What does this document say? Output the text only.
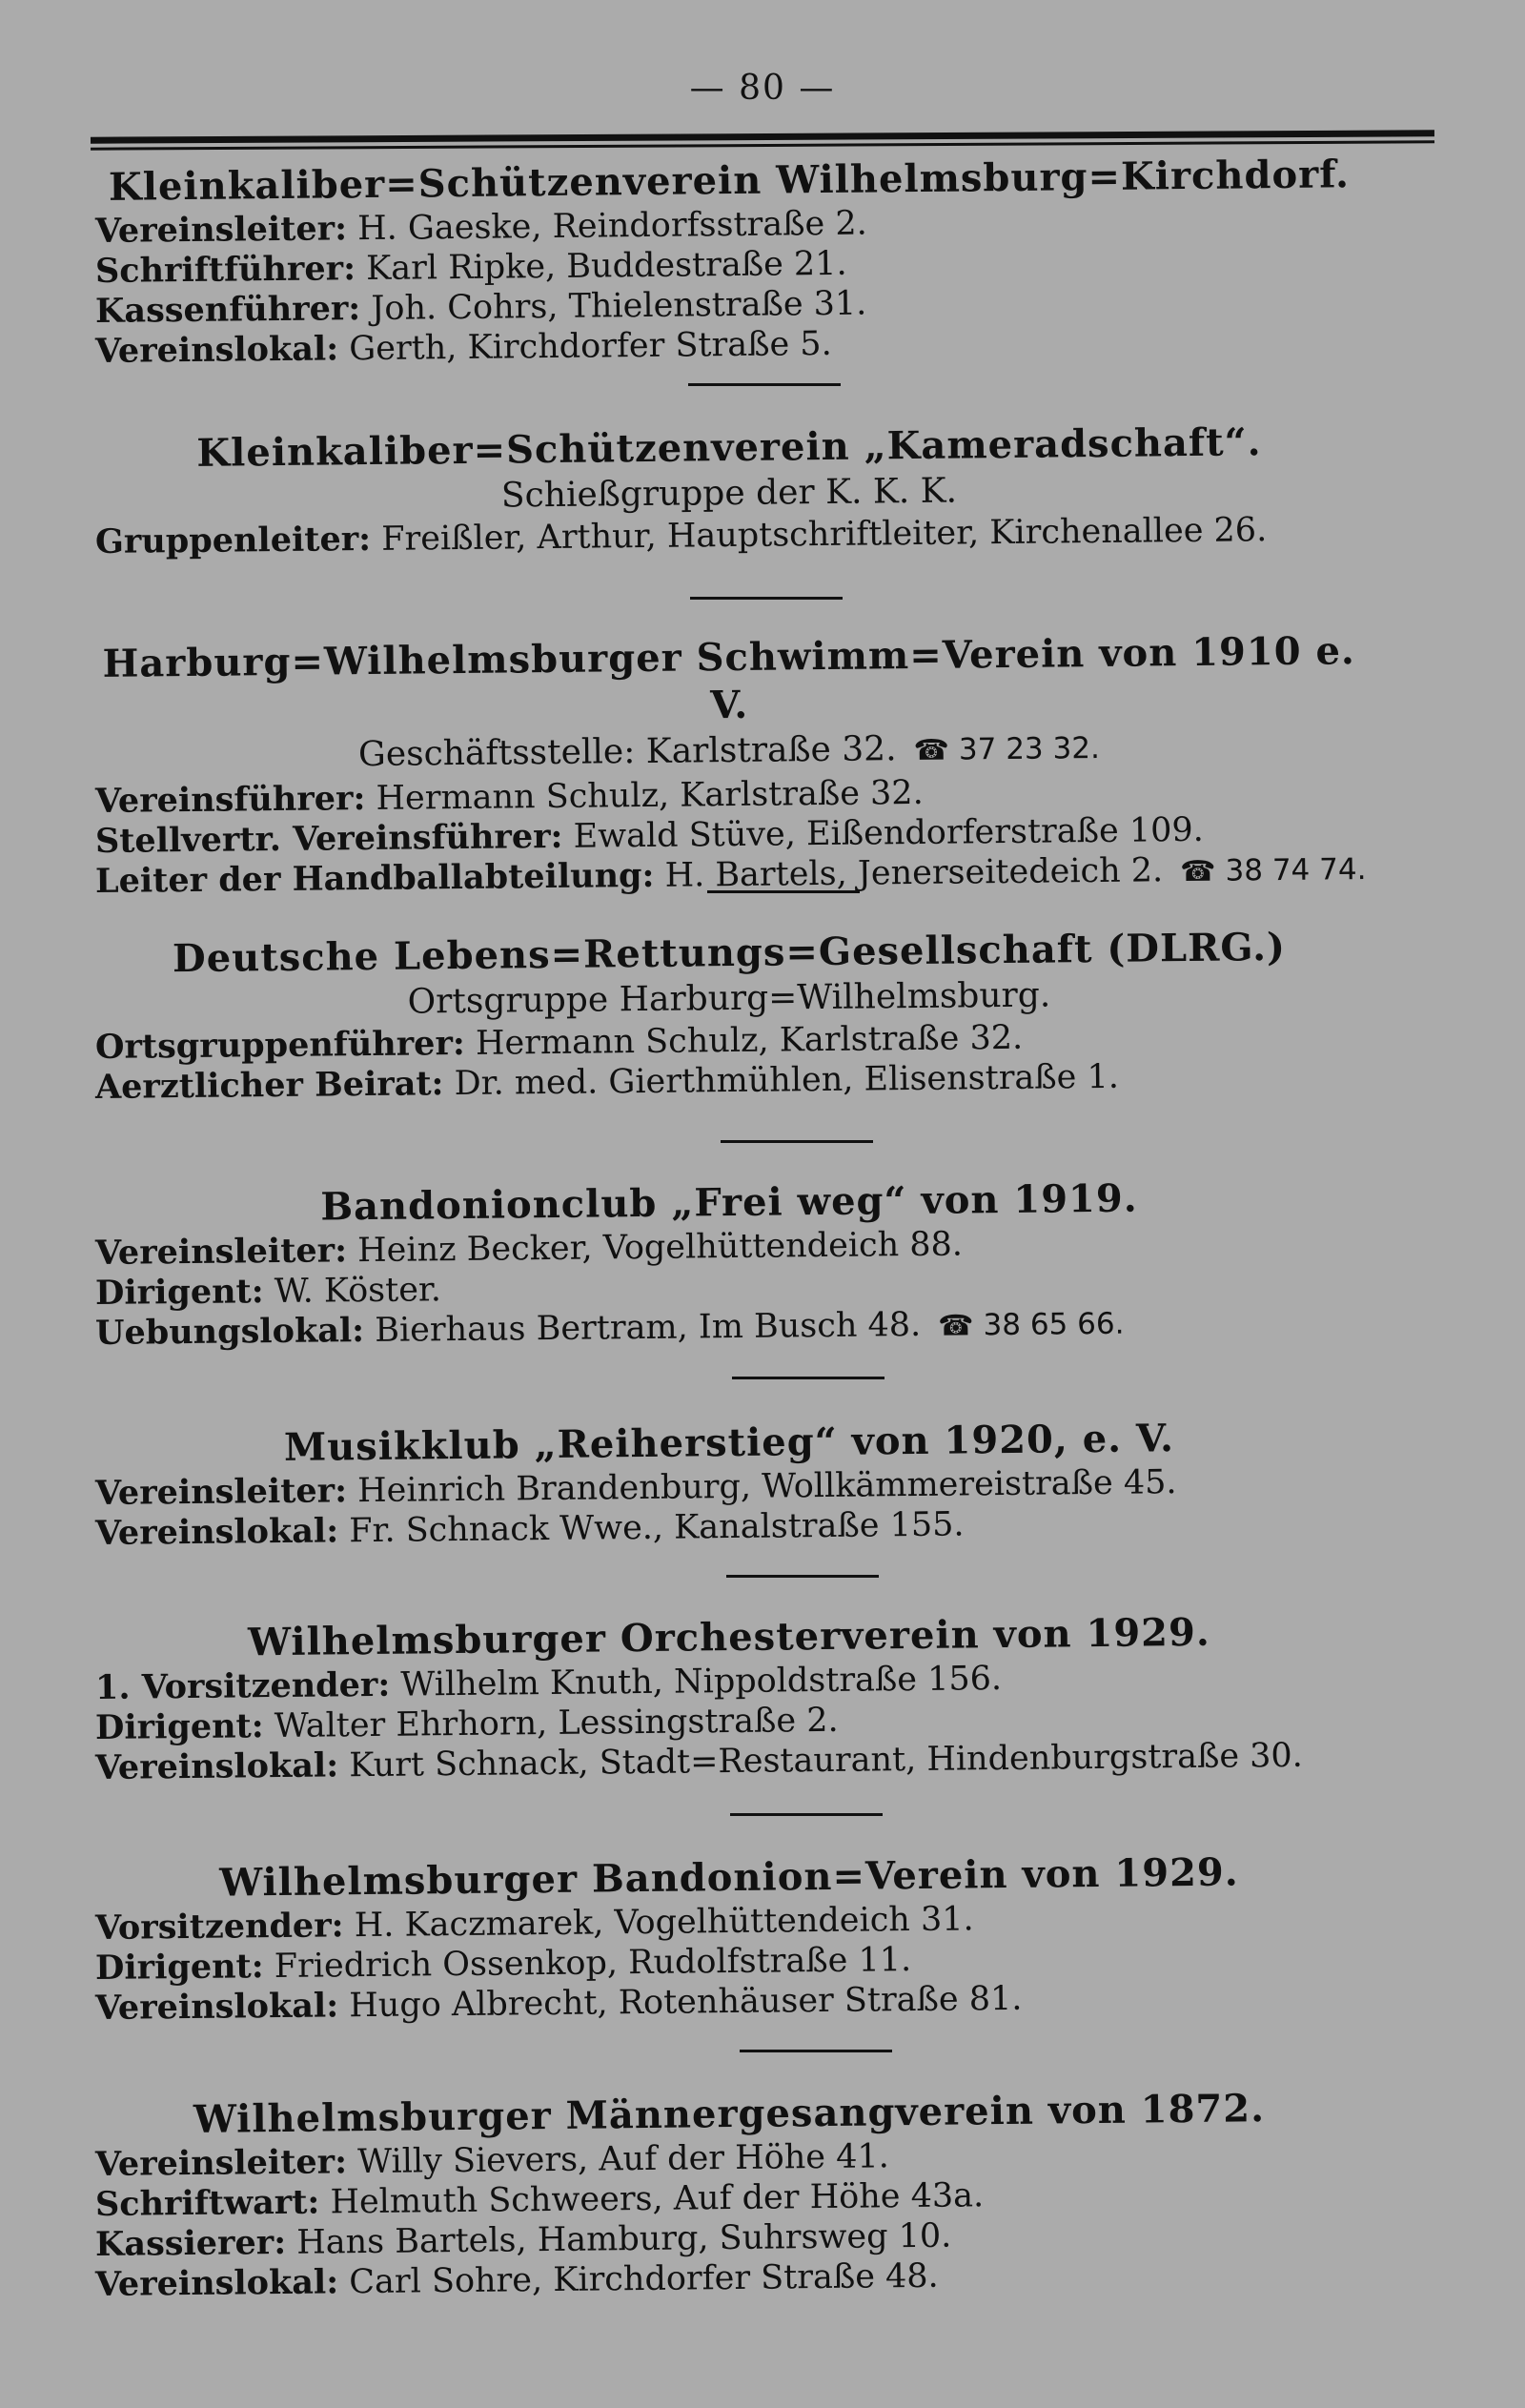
— 80 —
Kleinkaliber=Schützenverein Wilhelmsburg=Kirchdorf.
Vereinsleiter: H. Gaeske, Reindorfsstraße 2.
Schriftführer: Karl Ripke, Buddestraße 21.
Kassenführer: Joh. Cohrs, Thielenstraße 31.
Vereinslokal: Gerth, Kirchdorfer Straße 5.
Kleinkaliber=Schützenverein „Kameradschaft“.
Schießgruppe der K. K. K.
Gruppenleiter: Freißler, Arthur, Hauptschriftleiter, Kirchenallee 26.
Harburg=Wilhelmsburger Schwimm=Verein von 1910 e. V.
Geschäftsstelle: Karlstraße 32. ☎ 37 23 32.
Vereinsführer: Hermann Schulz, Karlstraße 32.
Stellvertr. Vereinsführer: Ewald Stüve, Eißendorferstraße 109.
Leiter der Handballabteilung: H. Bartels, Jenerseitedeich 2. ☎ 38 74 74.
Deutsche Lebens=Rettungs=Gesellschaft (DLRG.)
Ortsgruppe Harburg=Wilhelmsburg.
Ortsgruppenführer: Hermann Schulz, Karlstraße 32.
Aerztlicher Beirat: Dr. med. Gierthmühlen, Elisenstraße 1.
Bandonionclub „Frei weg“ von 1919.
Vereinsleiter: Heinz Becker, Vogelhüttendeich 88.
Dirigent: W. Köster.
Uebungslokal: Bierhaus Bertram, Im Busch 48. ☎ 38 65 66.
Musikklub „Reiherstieg“ von 1920, e. V.
Vereinsleiter: Heinrich Brandenburg, Wollkämmereistraße 45.
Vereinslokal: Fr. Schnack Wwe., Kanalstraße 155.
Wilhelmsburger Orchesterverein von 1929.
1. Vorsitzender: Wilhelm Knuth, Nippoldstraße 156.
Dirigent: Walter Ehrhorn, Lessingstraße 2.
Vereinslokal: Kurt Schnack, Stadt=Restaurant, Hindenburgstraße 30.
Wilhelmsburger Bandonion=Verein von 1929.
Vorsitzender: H. Kaczmarek, Vogelhüttendeich 31.
Dirigent: Friedrich Ossenkop, Rudolfstraße 11.
Vereinslokal: Hugo Albrecht, Rotenhäuser Straße 81.
Wilhelmsburger Männergesangverein von 1872.
Vereinsleiter: Willy Sievers, Auf der Höhe 41.
Schriftwart: Helmuth Schweers, Auf der Höhe 43a.
Kassierer: Hans Bartels, Hamburg, Suhrsweg 10.
Vereinslokal: Carl Sohre, Kirchdorfer Straße 48.
